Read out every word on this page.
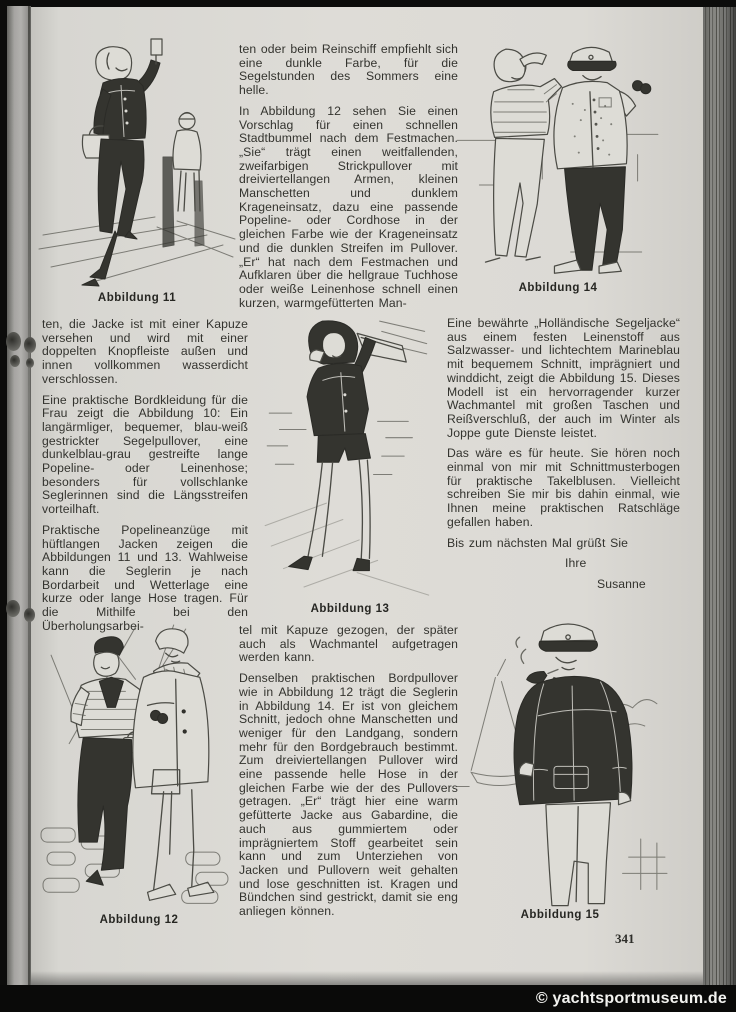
Abbildung 11
Abbildung 14

ten oder beim Reinschiff empfiehlt sich eine dunkle Farbe, für die Segelstunden des Sommers eine helle.

In Abbildung 12 sehen Sie einen Vorschlag für einen schnellen Stadtbummel nach dem Festmachen. „Sie“ trägt einen weitfallenden, zweifarbigen Strickpullover mit dreiviertellangen Armen, kleinen Manschetten und dunklem Krageneinsatz, dazu eine passende Popeline- oder Cordhose in der gleichen Farbe wie der Krageneinsatz und die dunklen Streifen im Pullover. „Er“ hat nach dem Festmachen und Aufklaren über die hellgraue Tuchhose oder weiße Leinenhose schnell einen kurzen, warmgefütterten Man-

ten, die Jacke ist mit einer Kapuze versehen und wird mit einer doppelten Knopfleiste außen und innen vollkommen wasserdicht verschlossen.

Eine praktische Bordkleidung für die Frau zeigt die Abbildung 10: Ein langärmliger, bequemer, blau-weiß gestrickter Segelpullover, eine dunkelblau-grau gestreifte lange Popeline- oder Leinenhose; besonders für vollschlanke Seglerinnen sind die Längsstreifen vorteilhaft.

Praktische Popelineanzüge mit hüftlangen Jacken zeigen die Abbildungen 11 und 13. Wahlweise kann die Seglerin je nach Bordarbeit und Wetterlage eine kurze oder lange Hose tragen. Für die Mithilfe bei den Überholungsarbei-

Abbildung 13

Eine bewährte „Holländische Segeljacke“ aus einem festen Leinenstoff aus Salzwasser- und lichtechtem Marineblau mit bequemem Schnitt, imprägniert und winddicht, zeigt die Abbildung 15. Dieses Modell ist ein hervorragender kurzer Wachmantel mit großen Taschen und Reißverschluß, der auch im Winter als Joppe gute Dienste leistet.

Das wäre es für heute. Sie hören noch einmal von mir mit Schnittmusterbogen für praktische Takelblusen. Vielleicht schreiben Sie mir bis dahin einmal, wie Ihnen meine praktischen Ratschläge gefallen haben.

Bis zum nächsten Mal grüßt Sie

Ihre

Susanne

Abbildung 12

tel mit Kapuze gezogen, der später auch als Wachmantel aufgetragen werden kann.

Denselben praktischen Bordpullover wie in Abbildung 12 trägt die Seglerin in Abbildung 14. Er ist von gleichem Schnitt, jedoch ohne Manschetten und weniger für den Landgang, sondern mehr für den Bordgebrauch bestimmt. Zum dreiviertellangen Pullover wird eine passende helle Hose in der gleichen Farbe wie der des Pullovers getragen. „Er“ trägt hier eine warm gefütterte Jacke aus Gabardine, die auch aus gummiertem oder imprägniertem Stoff gearbeitet sein kann und zum Unterziehen von Jacken und Pullovern weit gehalten und lose geschnitten ist. Kragen und Bündchen sind gestrickt, damit sie eng anliegen können.	Abbildung 15
341
© yachtsportmuseum.de
